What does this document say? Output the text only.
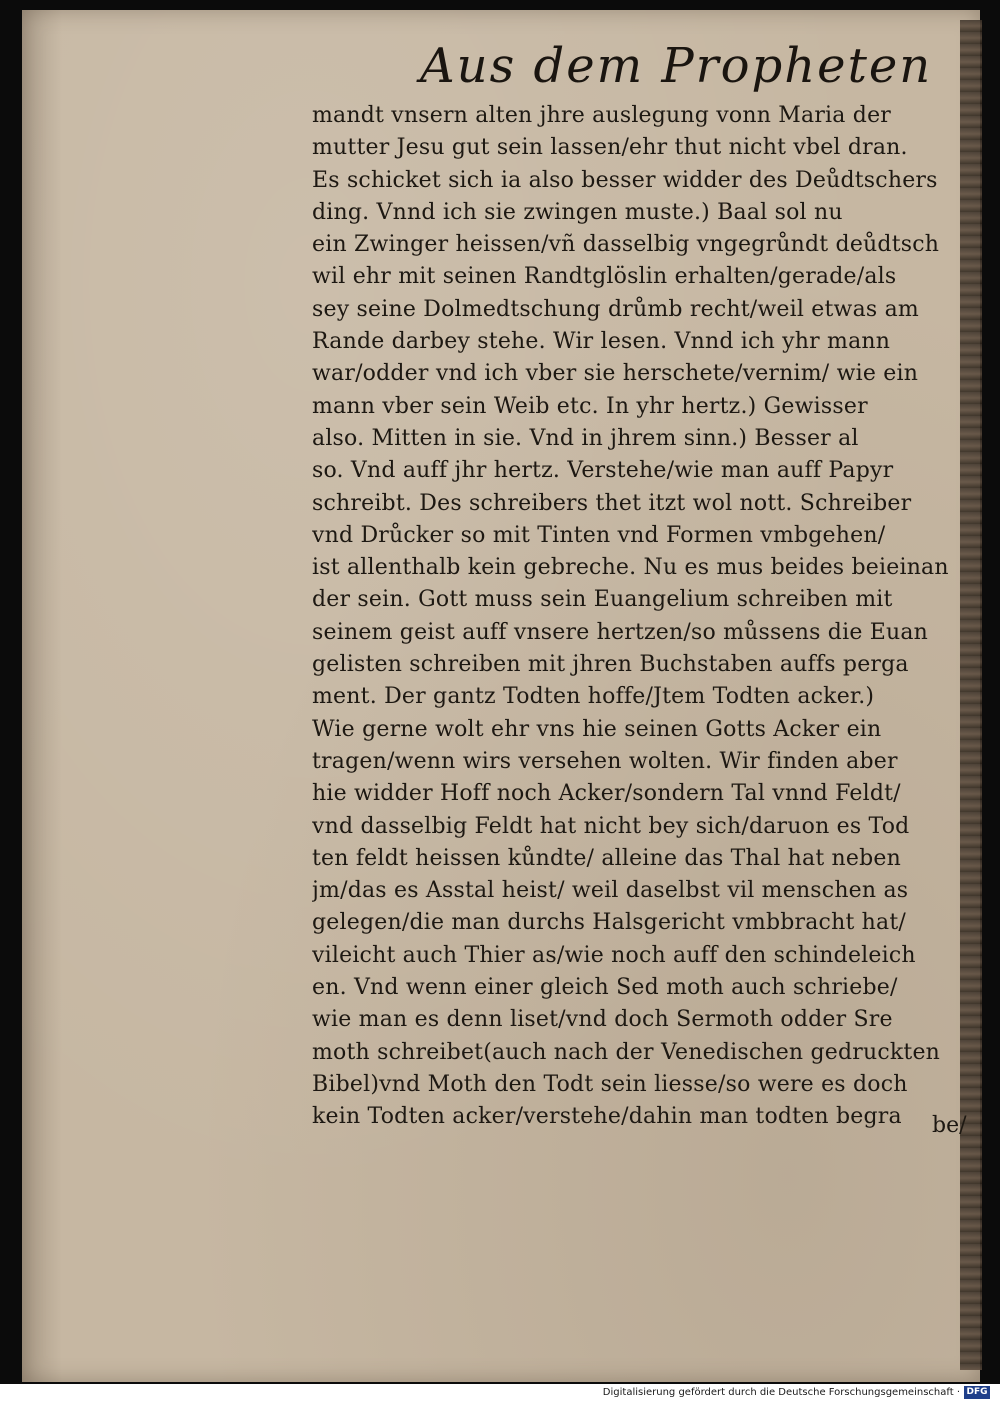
Aus dem Propheten
mandt vnsern alten jhre auslegung vonn Maria der
mutter Jesu gut sein lassen/ehr thut nicht vbel dran.
Es schicket sich ia also besser widder des Deůdtschers
ding. Vnnd ich sie zwingen muste.) Baal sol nu
ein Zwinger heissen/vñ dasselbig vngegrůndt deůdtsch
wil ehr mit seinen Randtglöslin erhalten/gerade/als
sey seine Dolmedtschung drůmb recht/weil etwas am
Rande darbey stehe. Wir lesen. Vnnd ich yhr mann
war/odder vnd ich vber sie herschete/vernim/ wie ein
mann vber sein Weib etc. In yhr hertz.) Gewisser
also. Mitten in sie. Vnd in jhrem sinn.) Besser al
so. Vnd auff jhr hertz. Verstehe/wie man auff Papyr
schreibt. Des schreibers thet itzt wol nott. Schreiber
vnd Drůcker so mit Tinten vnd Formen vmbgehen/
ist allenthalb kein gebreche. Nu es mus beides beieinan
der sein. Gott muss sein Euangelium schreiben mit
seinem geist auff vnsere hertzen/so můssens die Euan
gelisten schreiben mit jhren Buchstaben auffs perga
ment. Der gantz Todten hoffe/Jtem Todten acker.)
Wie gerne wolt ehr vns hie seinen Gotts Acker ein
tragen/wenn wirs versehen wolten. Wir finden aber
hie widder Hoff noch Acker/sondern Tal vnnd Feldt/
vnd dasselbig Feldt hat nicht bey sich/daruon es Tod
ten feldt heissen kůndte/ alleine das Thal hat neben
jm/das es Asstal heist/ weil daselbst vil menschen as
gelegen/die man durchs Halsgericht vmbbracht hat/
vileicht auch Thier as/wie noch auff den schindeleich
en. Vnd wenn einer gleich Sed moth auch schriebe/
wie man es denn liset/vnd doch Sermoth odder Sre
moth schreibet(auch nach der Venedischen gedruckten
Bibel)vnd Moth den Todt sein liesse/so were es doch
kein Todten acker/verstehe/dahin man todten begra	be/
Digitalisierung gefördert durch die Deutsche Forschungsgemeinschaft · DFG
